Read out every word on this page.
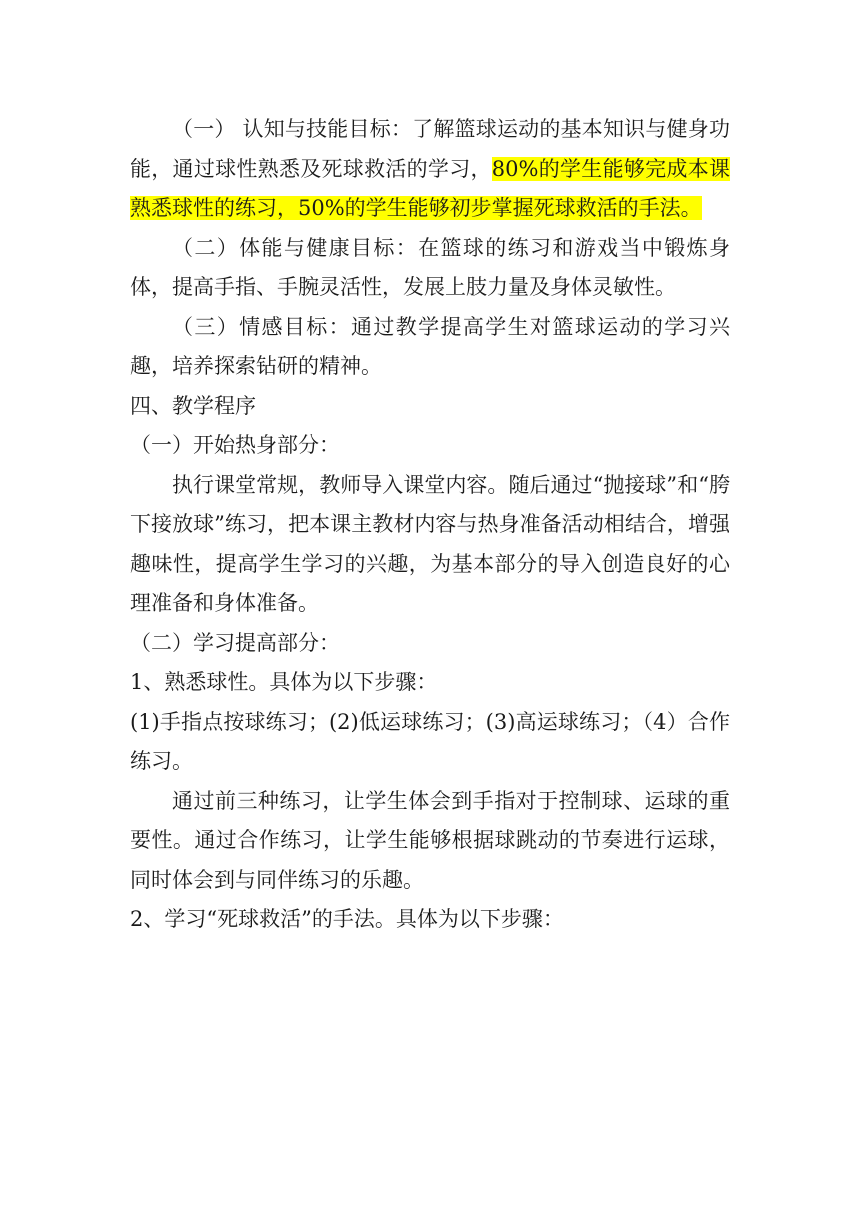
（一） 认知与技能目标：了解篮球运动的基本知识与健身功能，通过球性熟悉及死球救活的学习，80%的学生能够完成本课熟悉球性的练习，50%的学生能够初步掌握死球救活的手法。

（二）体能与健康目标：在篮球的练习和游戏当中锻炼身体，提高手指、手腕灵活性，发展上肢力量及身体灵敏性。

（三）情感目标：通过教学提高学生对篮球运动的学习兴趣，培养探索钻研的精神。

四、教学程序

（一）开始热身部分：

执行课堂常规，教师导入课堂内容。随后通过“抛接球”和“胯下接放球”练习，把本课主教材内容与热身准备活动相结合，增强趣味性，提高学生学习的兴趣，为基本部分的导入创造良好的心理准备和身体准备。

（二）学习提高部分：

1、熟悉球性。具体为以下步骤：

(1)手指点按球练习；(2)低运球练习；(3)高运球练习；（4）合作练习。

通过前三种练习，让学生体会到手指对于控制球、运球的重要性。通过合作练习，让学生能够根据球跳动的节奏进行运球，同时体会到与同伴练习的乐趣。

2、学习“死球救活”的手法。具体为以下步骤：
